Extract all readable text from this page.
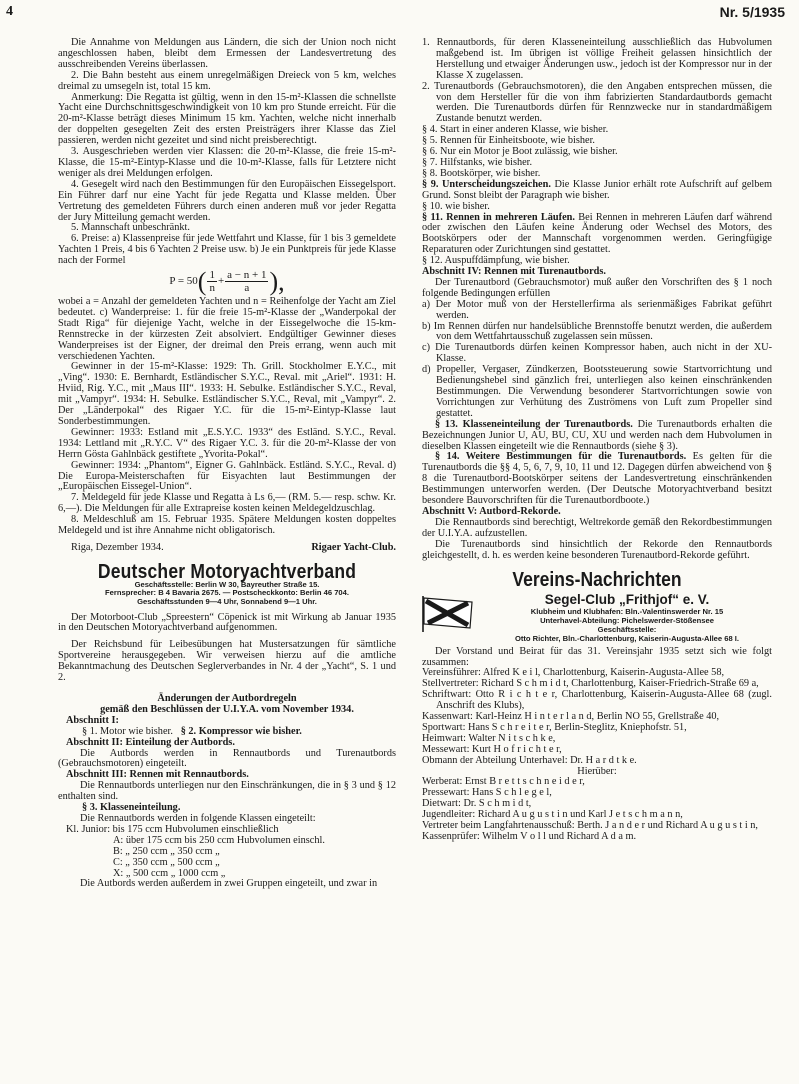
4	Nr. 5/1935

Die Annahme von Meldungen aus Ländern, die sich der Union noch nicht angeschlossen haben, bleibt dem Ermessen der Landesvertretung des ausschreibenden Vereins überlassen.

2. Die Bahn besteht aus einem unregelmäßigen Dreieck von 5 km, welches dreimal zu umsegeln ist, total 15 km.

Anmerkung: Die Regatta ist gültig, wenn in den 15-m²-Klassen die schnellste Yacht eine Durchschnittsgeschwindigkeit von 10 km pro Stunde erreicht. Für die 20-m²-Klasse beträgt dieses Minimum 15 km. Yachten, welche nicht innerhalb der doppelten gesegelten Zeit des ersten Preisträgers ihrer Klasse das Ziel passieren, werden nicht gezeitet und sind nicht preisberechtigt.

3. Ausgeschrieben werden vier Klassen: die 20-m²-Klasse, die freie 15-m²-Klasse, die 15-m²-Eintyp-Klasse und die 10-m²-Klasse, falls für Letztere nicht weniger als drei Meldungen erfolgen.

4. Gesegelt wird nach den Bestimmungen für den Europäischen Eissegelsport. Ein Führer darf nur eine Yacht für jede Regatta und Klasse melden. Über Vertretung des gemeldeten Führers durch einen anderen muß vor jeder Regatta der Jury Mitteilung gemacht werden.

5. Mannschaft unbeschränkt.

6. Preise: a) Klassenpreise für jede Wettfahrt und Klasse, für 1 bis 3 gemeldete Yachten 1 Preis, 4 bis 6 Yachten 2 Preise usw. b) Je ein Punktpreis für jede Klasse nach der Formel

P = 50 ( $\frac{1}{n} + \frac{a - n + 1}{a}$ ),

wobei a = Anzahl der gemeldeten Yachten und n = Reihenfolge der Yacht am Ziel bedeutet. c) Wanderpreise: 1. für die freie 15-m²-Klasse der „Wanderpokal der Stadt Riga“ für diejenige Yacht, welche in der Eissegelwoche die 15-km-Rennstrecke in der kürzesten Zeit absolviert. Endgültiger Gewinner dieses Wanderpreises ist der Eigner, der dreimal den Preis errang, wenn auch mit verschiedenen Yachten.

Gewinner in der 15-m²-Klasse: 1929: Th. Grill. Stockholmer E.Y.C., mit „Ving“. 1930: E. Bernhardt, Estländischer S.Y.C., Reval. mit „Ariel“. 1931: H. Hviid, Rig. Y.C., mit „Maus III“. 1933: H. Sebulke. Estländischer S.Y.C., Reval, mit „Vampyr“. 1934: H. Sebulke. Estländischer S.Y.C., Reval, mit „Vampyr“. 2. Der „Länderpokal“ des Rigaer Y.C. für die 15-m²-Eintyp-Klasse laut Sonderbestimmungen.

Gewinner: 1933: Estland mit „E.S.Y.C. 1933“ des Estländ. S.Y.C., Reval. 1934: Lettland mit „R.Y.C. V“ des Rigaer Y.C. 3. für die 20-m²-Klasse der von Herrn Gösta Gahlnbäck gestiftete „Yvorita-Pokal“.

Gewinner: 1934: „Phantom“, Eigner G. Gahlnbäck. Estländ. S.Y.C., Reval. d) Die Europa-Meisterschaften für Eisyachten laut Bestimmungen der „Europäischen Eissegel-Union“.

7. Meldegeld für jede Klasse und Regatta à Ls 6,— (RM. 5.— resp. schw. Kr. 6,—). Die Meldungen für alle Extrapreise kosten keinen Meldegeldzuschlag.

8. Meldeschluß am 15. Februar 1935. Spätere Meldungen kosten doppeltes Meldegeld und ist ihre Annahme nicht obligatorisch.

Riga, Dezember 1934.	Rigaer Yacht-Club.
Deutscher Motoryachtverband
Geschäftsstelle: Berlin W 30, Bayreuther Straße 15.
Fernsprecher: B 4 Bavaria 2675. — Postscheckkonto: Berlin 46 704.
Geschäftsstunden 9—4 Uhr, Sonnabend 9—1 Uhr.

Der Motorboot-Club „Spreestern“ Cöpenick ist mit Wirkung ab Januar 1935 in den Deutschen Motoryachtverband aufgenommen.

Der Reichsbund für Leibesübungen hat Mustersatzungen für sämtliche Sportvereine herausgegeben. Wir verweisen hierzu auf die amtliche Bekanntmachung des Deutschen Seglerverbandes in Nr. 4 der „Yacht“, S. 1 und 2.

Änderungen der Autbordregeln

gemäß den Beschlüssen der U.I.Y.A. vom November 1934.

Abschnitt I:

§ 1. Motor wie bisher. § 2. Kompressor wie bisher.

Abschnitt II: Einteilung der Autbords.

Die Autbords werden in Rennautbords und Turenautbords (Gebrauchsmotoren) eingeteilt.

Abschnitt III: Rennen mit Rennautbords.

Die Rennautbords unterliegen nur den Einschränkungen, die in § 3 und § 12 enthalten sind.

§ 3. Klasseneinteilung.

Die Rennautbords werden in folgende Klassen eingeteilt:

Kl. Junior: bis 175 ccm Hubvolumen einschließlich

A: über 175 ccm bis 250 ccm Hubvolumen einschl.

B: „ 250 ccm „ 350 ccm „

C: „ 350 ccm „ 500 ccm „

X: „ 500 ccm „ 1000 ccm „

Die Autbords werden außerdem in zwei Gruppen eingeteilt, und zwar in

1. Rennautbords, für deren Klasseneinteilung ausschließlich das Hubvolumen maßgebend ist. Im übrigen ist völlige Freiheit gelassen hinsichtlich der Herstellung und etwaiger Änderungen usw., jedoch ist der Kompressor nur in der Klasse X zugelassen.

2. Turenautbords (Gebrauchsmotoren), die den Angaben entsprechen müssen, die von dem Hersteller für die von ihm fabrizierten Standardautbords gemacht werden. Die Turenautbords dürfen für Rennzwecke nur in standardmäßigem Zustande benutzt werden.

§ 4. Start in einer anderen Klasse, wie bisher.

§ 5. Rennen für Einheitsboote, wie bisher.

§ 6. Nur ein Motor je Boot zulässig, wie bisher.

§ 7. Hilfstanks, wie bisher.

§ 8. Bootskörper, wie bisher.

§ 9. Unterscheidungszeichen. Die Klasse Junior erhält rote Aufschrift auf gelbem Grund. Sonst bleibt der Paragraph wie bisher.

§ 10. wie bisher.

§ 11. Rennen in mehreren Läufen. Bei Rennen in mehreren Läufen darf während oder zwischen den Läufen keine Änderung oder Wechsel des Motors, des Bootskörpers oder der Mannschaft vorgenommen werden. Geringfügige Reparaturen oder Zurichtungen sind gestattet.

§ 12. Auspuffdämpfung, wie bisher.

Abschnitt IV: Rennen mit Turenautbords.

Der Turenautbord (Gebrauchsmotor) muß außer den Vorschriften des § 1 noch folgende Bedingungen erfüllen

a) Der Motor muß von der Herstellerfirma als serienmäßiges Fabrikat geführt werden.

b) Im Rennen dürfen nur handelsübliche Brennstoffe benutzt werden, die außerdem von dem Wettfahrtausschuß zugelassen sein müssen.

c) Die Turenautbords dürfen keinen Kompressor haben, auch nicht in der XU-Klasse.

d) Propeller, Vergaser, Zündkerzen, Bootssteuerung sowie Startvorrichtung und Bedienungshebel sind gänzlich frei, unterliegen also keinen einschränkenden Bestimmungen. Die Verwendung besonderer Startvorrichtungen sowie von Vorrichtungen zur Verhütung des Zuströmens von Luft zum Propeller sind gestattet.

§ 13. Klasseneinteilung der Turenautbords. Die Turenautbords erhalten die Bezeichnungen Junior U, AU, BU, CU, XU und werden nach dem Hubvolumen in dieselben Klassen eingeteilt wie die Rennautbords (siehe § 3).

§ 14. Weitere Bestimmungen für die Turenautbords. Es gelten für die Turenautbords die §§ 4, 5, 6, 7, 9, 10, 11 und 12. Dagegen dürfen abweichend von § 8 die Turenautbord-Bootskörper seitens der Landesvertretung einschränkenden Bestimmungen unterworfen werden. (Der Deutsche Motoryachtverband besitzt besondere Bauvorschriften für die Turenautbordboote.)

Abschnitt V: Autbord-Rekorde.

Die Rennautbords sind berechtigt, Weltrekorde gemäß den Rekordbestimmungen der U.I.Y.A. aufzustellen.

Die Turenautbords sind hinsichtlich der Rekorde den Rennautbords gleichgestellt, d. h. es werden keine besonderen Turenautbord-Rekorde geführt.

Vereins-Nachrichten
Segel-Club „Frithjof“ e. V.
Klubheim und Klubhafen: Bln.-Valentinswerder Nr. 15
Unterhavel-Abteilung: Pichelswerder-Stößensee
Geschäftsstelle:
Otto Richter, Bln.-Charlottenburg, Kaiserin-Augusta-Allee 68 I.

Der Vorstand und Beirat für das 31. Vereinsjahr 1935 setzt sich wie folgt zusammen:

Vereinsführer: Alfred K e i l, Charlottenburg, Kaiserin-Augusta-Allee 58,

Stellvertreter: Richard S c h m i d t, Charlottenburg, Kaiser-Friedrich-Straße 69 a,

Schriftwart: Otto R i c h t e r, Charlottenburg, Kaiserin-Augusta-Allee 68 (zugl. Anschrift des Klubs),

Kassenwart: Karl-Heinz H i n t e r l a n d, Berlin NO 55, Grellstraße 40,

Sportwart: Hans S c h r e i t e r, Berlin-Steglitz, Kniephofstr. 51,

Heimwart: Walter N i t s c h k e,

Messewart: Kurt H o f r i c h t e r,

Obmann der Abteilung Unterhavel: Dr. H a r d t k e.

Hierüber:

Werberat: Ernst B r e t t s c h n e i d e r,

Pressewart: Hans S c h l e g e l,

Dietwart: Dr. S c h m i d t,

Jugendleiter: Richard A u g u s t i n und Karl J e t s c h m a n n,

Vertreter beim Langfahrtenausschuß: Berth. J a n d e r und Richard A u g u s t i n,

Kassenprüfer: Wilhelm V o l l und Richard A d a m.
